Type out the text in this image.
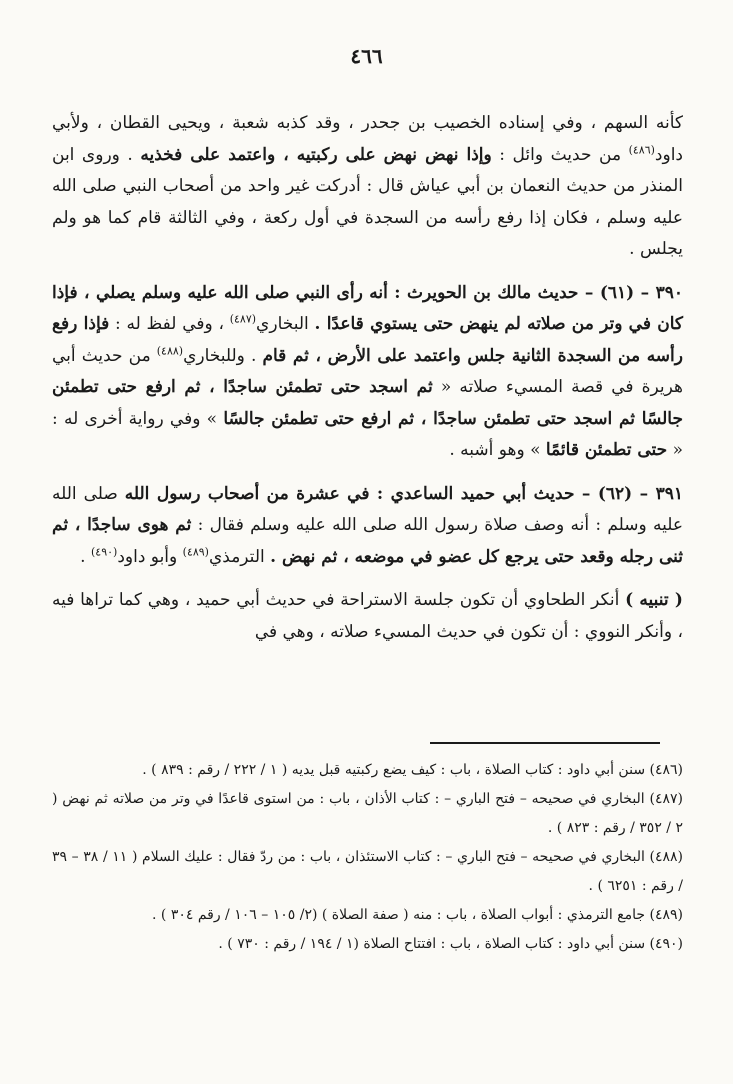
٤٦٦

كأنه السهم ، وفي إسناده الخصيب بن جحدر ، وقد كذبه شعبة ، ويحيى القطان ، ولأبي داود$^{(٤٨٦)}$ من حديث وائل : وإذا نهض نهض على ركبتيه ، واعتمد على فخذيه . وروى ابن المنذر من حديث النعمان بن أبي عياش قال : أدركت غير واحد من أصحاب النبي صلى الله عليه وسلم ، فكان إذا رفع رأسه من السجدة في أول ركعة ، وفي الثالثة قام كما هو ولم يجلس .

٣٩٠ – (٦١) – حديث مالك بن الحويرث : أنه رأى النبي صلى الله عليه وسلم يصلي ، فإذا كان في وتر من صلاته لم ينهض حتى يستوي قاعدًا . البخاري$^{(٤٨٧)}$ ، وفي لفظ له : فإذا رفع رأسه من السجدة الثانية جلس واعتمد على الأرض ، ثم قام . وللبخاري$^{(٤٨٨)}$ من حديث أبي هريرة في قصة المسيء صلاته « ثم اسجد حتى تطمئن ساجدًا ، ثم ارفع حتى تطمئن جالسًا ثم اسجد حتى تطمئن ساجدًا ، ثم ارفع حتى تطمئن جالسًا » وفي رواية أخرى له : « حتى تطمئن قائمًا » وهو أشبه .

٣٩١ – (٦٢) – حديث أبي حميد الساعدي : في عشرة من أصحاب رسول الله صلى الله عليه وسلم : أنه وصف صلاة رسول الله صلى الله عليه وسلم فقال : ثم هوى ساجدًا ، ثم ثنى رجله وقعد حتى يرجع كل عضو في موضعه ، ثم نهض . الترمذي$^{(٤٨٩)}$ وأبو داود$^{(٤٩٠)}$ .

( تنبيه ) أنكر الطحاوي أن تكون جلسة الاستراحة في حديث أبي حميد ، وهي كما تراها فيه ، وأنكر النووي : أن تكون في حديث المسيء صلاته ، وهي في

(٤٨٦) سنن أبي داود : كتاب الصلاة ، باب : كيف يضع ركبتيه قبل يديه ( ١ / ٢٢٢ / رقم : ٨٣٩ ) .

(٤٨٧) البخاري في صحيحه – فتح الباري – : كتاب الأذان ، باب : من استوى قاعدًا في وتر من صلاته ثم نهض ( ٢ / ٣٥٢ / رقم : ٨٢٣ ) .

(٤٨٨) البخاري في صحيحه – فتح الباري – : كتاب الاستئذان ، باب : من ردّ فقال : عليك السلام ( ١١ / ٣٨ – ٣٩ / رقم : ٦٢٥١ ) .

(٤٨٩) جامع الترمذي : أبواب الصلاة ، باب : منه ( صفة الصلاة ) (٢/ ١٠٥ – ١٠٦ / رقم ٣٠٤ ) .

(٤٩٠) سنن أبي داود : كتاب الصلاة ، باب : افتتاح الصلاة (١ / ١٩٤ / رقم : ٧٣٠ ) .
